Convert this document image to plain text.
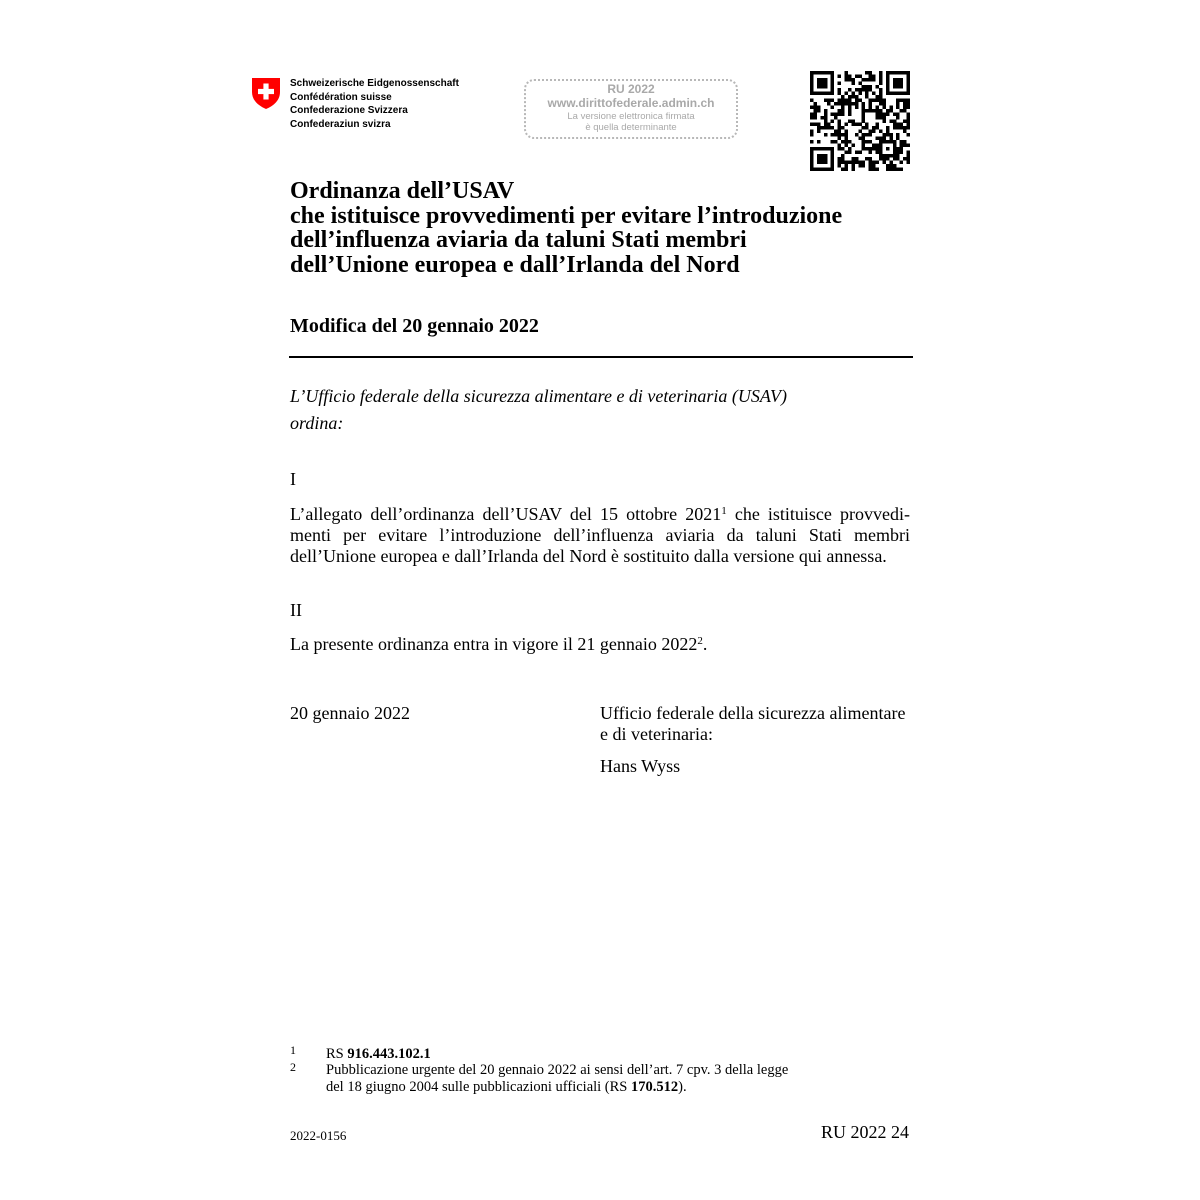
Schweizerische Eidgenossenschaft
Confédération suisse
Confederazione Svizzera
Confederaziun svizra
RU 2022
www.dirittofederale.admin.ch
La versione elettronica firmata
è quella determinante
Ordinanza dell’USAV
che istituisce provvedimenti per evitare l’introduzione
dell’influenza aviaria da taluni Stati membri
dell’Unione europea e dall’Irlanda del Nord
Modifica del 20 gennaio 2022
L’Ufficio federale della sicurezza alimentare e di veterinaria (USAV)
ordina:
I
L’allegato dell’ordinanza dell’USAV del 15 ottobre 2021$^1$ che istituisce provvedi-
menti per evitare l’introduzione dell’influenza aviaria da taluni Stati membri
dell’Unione europea e dall’Irlanda del Nord è sostituito dalla versione qui annessa.
II
La presente ordinanza entra in vigore il 21 gennaio 2022$^2$.
20 gennaio 2022	Ufficio federale della sicurezza alimentare
e di veterinaria:
Hans Wyss
1 RS 916.443.102.1
2 Pubblicazione urgente del 20 gennaio 2022 ai sensi dell’art. 7 cpv. 3 della legge
del 18 giugno 2004 sulle pubblicazioni ufficiali (RS 170.512).
2022-0156	RU 2022 24
